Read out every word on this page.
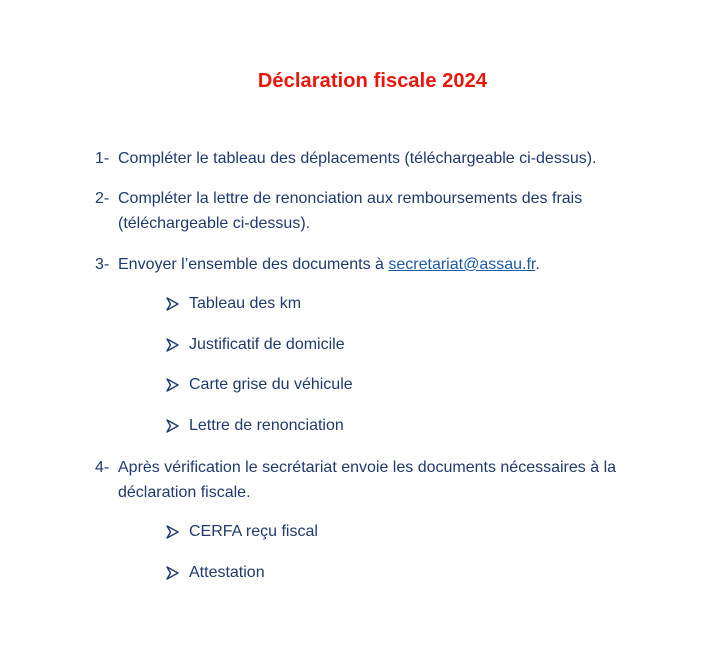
Déclaration fiscale 2024
1- Compléter le tableau des déplacements (téléchargeable ci-dessus).
2- Compléter la lettre de renonciation aux remboursements des frais (téléchargeable ci-dessus).
3- Envoyer l’ensemble des documents à secretariat@assau.fr.
Tableau des km
Justificatif de domicile
Carte grise du véhicule
Lettre de renonciation
4- Après vérification le secrétariat envoie les documents nécessaires à la déclaration fiscale.
CERFA reçu fiscal
Attestation
